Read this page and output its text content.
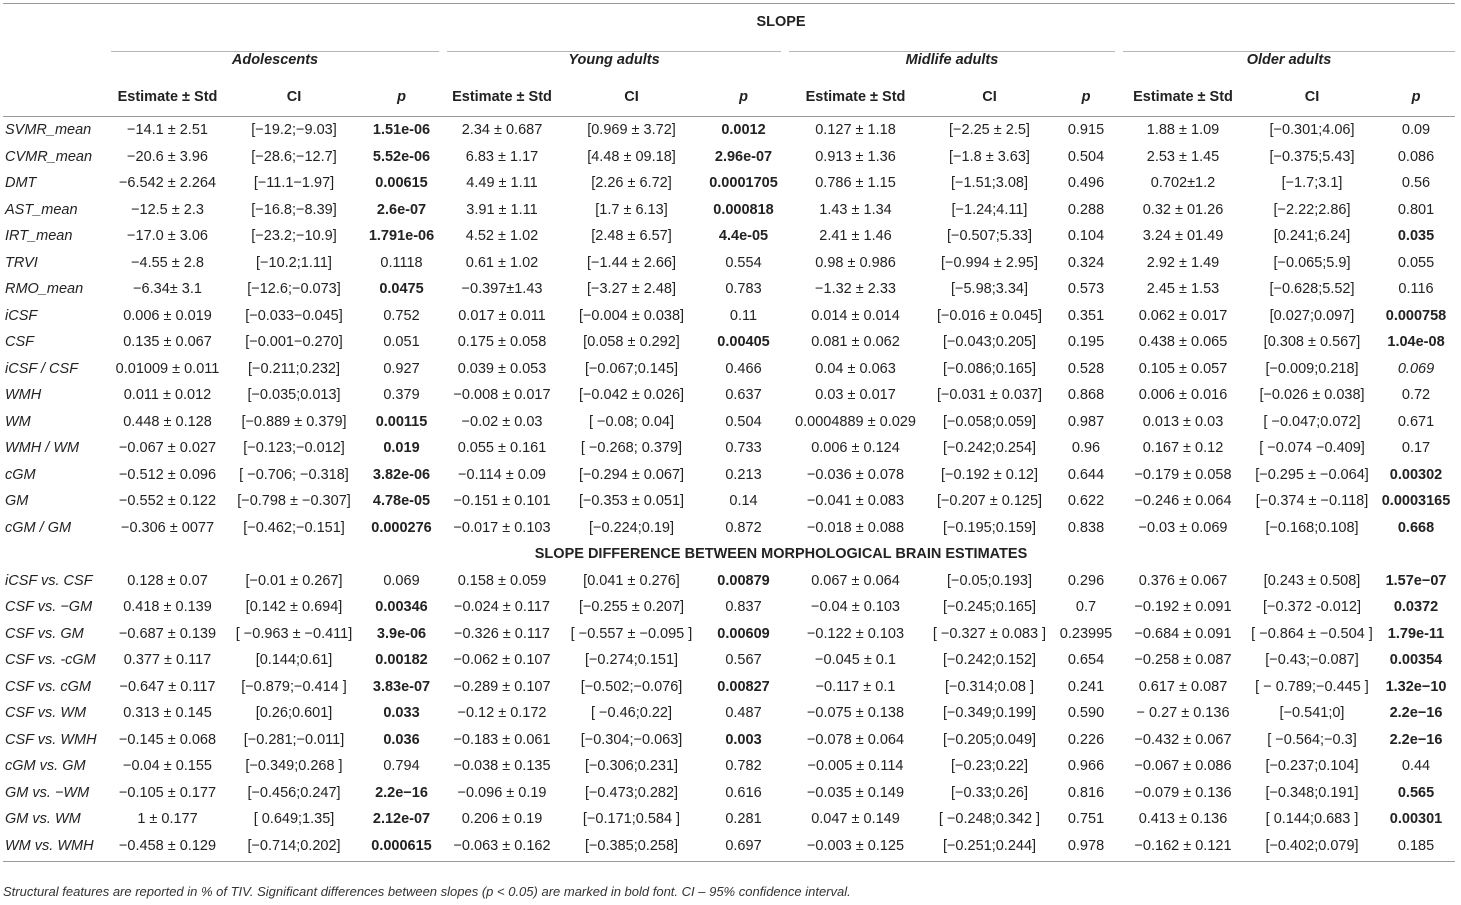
	SLOPE											

Adolescents			Young adults			Midlife adults			Older adults		
	Estimate ± Std	CI	p	Estimate ± Std	CI	p	Estimate ± Std	CI	p	Estimate ± Std	CI	p
SVMR_mean	−14.1 ± 2.51	[−19.2;−9.03]	1.51e-06	2.34 ± 0.687	[0.969 ± 3.72]	0.0012	0.127 ± 1.18	[−2.25 ± 2.5]	0.915	1.88 ± 1.09	[−0.301;4.06]	0.09
CVMR_mean	−20.6 ± 3.96	[−28.6;−12.7]	5.52e-06	6.83 ± 1.17	[4.48 ± 09.18]	2.96e-07	0.913 ± 1.36	[−1.8 ± 3.63]	0.504	2.53 ± 1.45	[−0.375;5.43]	0.086
DMT	−6.542 ± 2.264	[−11.1−1.97]	0.00615	4.49 ± 1.11	[2.26 ± 6.72]	0.0001705	0.786 ± 1.15	[−1.51;3.08]	0.496	0.702±1.2	[−1.7;3.1]	0.56
AST_mean	−12.5 ± 2.3	[−16.8;−8.39]	2.6e-07	3.91 ± 1.11	[1.7 ± 6.13]	0.000818	1.43 ± 1.34	[−1.24;4.11]	0.288	0.32 ± 01.26	[−2.22;2.86]	0.801
IRT_mean	−17.0 ± 3.06	[−23.2;−10.9]	1.791e-06	4.52 ± 1.02	[2.48 ± 6.57]	4.4e-05	2.41 ± 1.46	[−0.507;5.33]	0.104	3.24 ± 01.49	[0.241;6.24]	0.035
TRVI	−4.55 ± 2.8	[−10.2;1.11]	0.1118	0.61 ± 1.02	[−1.44 ± 2.66]	0.554	0.98 ± 0.986	[−0.994 ± 2.95]	0.324	2.92 ± 1.49	[−0.065;5.9]	0.055
RMO_mean	−6.34± 3.1	[−12.6;−0.073]	0.0475	−0.397±1.43	[−3.27 ± 2.48]	0.783	−1.32 ± 2.33	[−5.98;3.34]	0.573	2.45 ± 1.53	[−0.628;5.52]	0.116
iCSF	0.006 ± 0.019	[−0.033−0.045]	0.752	0.017 ± 0.011	[−0.004 ± 0.038]	0.11	0.014 ± 0.014	[−0.016 ± 0.045]	0.351	0.062 ± 0.017	[0.027;0.097]	0.000758
CSF	0.135 ± 0.067	[−0.001−0.270]	0.051	0.175 ± 0.058	[0.058 ± 0.292]	0.00405	0.081 ± 0.062	[−0.043;0.205]	0.195	0.438 ± 0.065	[0.308 ± 0.567]	1.04e-08
iCSF / CSF	0.01009 ± 0.011	[−0.211;0.232]	0.927	0.039 ± 0.053	[−0.067;0.145]	0.466	0.04 ± 0.063	[−0.086;0.165]	0.528	0.105 ± 0.057	[−0.009;0.218]	0.069
WMH	0.011 ± 0.012	[−0.035;0.013]	0.379	−0.008 ± 0.017	[−0.042 ± 0.026]	0.637	0.03 ± 0.017	[−0.031 ± 0.037]	0.868	0.006 ± 0.016	[−0.026 ± 0.038]	0.72
WM	0.448 ± 0.128	[−0.889 ± 0.379]	0.00115	−0.02 ± 0.03	[ −0.08; 0.04]	0.504	0.0004889 ± 0.029	[−0.058;0.059]	0.987	0.013 ± 0.03	[ −0.047;0.072]	0.671
WMH / WM	−0.067 ± 0.027	[−0.123;−0.012]	0.019	0.055 ± 0.161	[ −0.268; 0.379]	0.733	0.006 ± 0.124	[−0.242;0.254]	0.96	0.167 ± 0.12	[ −0.074 −0.409]	0.17
cGM	−0.512 ± 0.096	[ −0.706; −0.318]	3.82e-06	−0.114 ± 0.09	[−0.294 ± 0.067]	0.213	−0.036 ± 0.078	[−0.192 ± 0.12]	0.644	−0.179 ± 0.058	[−0.295 ± −0.064]	0.00302
GM	−0.552 ± 0.122	[−0.798 ± −0.307]	4.78e-05	−0.151 ± 0.101	[−0.353 ± 0.051]	0.14	−0.041 ± 0.083	[−0.207 ± 0.125]	0.622	−0.246 ± 0.064	[−0.374 ± −0.118]	0.0003165
cGM / GM	−0.306 ± 0077	[−0.462;−0.151]	0.000276	−0.017 ± 0.103	[−0.224;0.19]	0.872	−0.018 ± 0.088	[−0.195;0.159]	0.838	−0.03 ± 0.069	[−0.168;0.108]	0.668
	SLOPE DIFFERENCE BETWEEN MORPHOLOGICAL BRAIN ESTIMATES											
iCSF vs. CSF	0.128 ± 0.07	[−0.01 ± 0.267]	0.069	0.158 ± 0.059	[0.041 ± 0.276]	0.00879	0.067 ± 0.064	[−0.05;0.193]	0.296	0.376 ± 0.067	[0.243 ± 0.508]	1.57e−07
CSF vs. −GM	0.418 ± 0.139	[0.142 ± 0.694]	0.00346	−0.024 ± 0.117	[−0.255 ± 0.207]	0.837	−0.04 ± 0.103	[−0.245;0.165]	0.7	−0.192 ± 0.091	[−0.372 -0.012]	0.0372
CSF vs. GM	−0.687 ± 0.139	[ −0.963 ± −0.411]	3.9e-06	−0.326 ± 0.117	[ −0.557 ± −0.095 ]	0.00609	−0.122 ± 0.103	[ −0.327 ± 0.083 ]	0.23995	−0.684 ± 0.091	[ −0.864 ± −0.504 ]	1.79e-11
CSF vs. -cGM	0.377 ± 0.117	[0.144;0.61]	0.00182	−0.062 ± 0.107	[−0.274;0.151]	0.567	−0.045 ± 0.1	[−0.242;0.152]	0.654	−0.258 ± 0.087	[−0.43;−0.087]	0.00354
CSF vs. cGM	−0.647 ± 0.117	[−0.879;−0.414 ]	3.83e-07	−0.289 ± 0.107	[−0.502;−0.076]	0.00827	−0.117 ± 0.1	[−0.314;0.08 ]	0.241	0.617 ± 0.087	[ − 0.789;−0.445 ]	1.32e−10
CSF vs. WM	0.313 ± 0.145	[0.26;0.601]	0.033	−0.12 ± 0.172	[ −0.46;0.22]	0.487	−0.075 ± 0.138	[−0.349;0.199]	0.590	− 0.27 ± 0.136	[−0.541;0]	2.2e−16
CSF vs. WMH	−0.145 ± 0.068	[−0.281;−0.011]	0.036	−0.183 ± 0.061	[−0.304;−0.063]	0.003	−0.078 ± 0.064	[−0.205;0.049]	0.226	−0.432 ± 0.067	[ −0.564;−0.3]	2.2e−16
cGM vs. GM	−0.04 ± 0.155	[−0.349;0.268 ]	0.794	−0.038 ± 0.135	[−0.306;0.231]	0.782	−0.005 ± 0.114	[−0.23;0.22]	0.966	−0.067 ± 0.086	[−0.237;0.104]	0.44
GM vs. −WM	−0.105 ± 0.177	[−0.456;0.247]	2.2e−16	−0.096 ± 0.19	[−0.473;0.282]	0.616	−0.035 ± 0.149	[−0.33;0.26]	0.816	−0.079 ± 0.136	[−0.348;0.191]	0.565
GM vs. WM	1 ± 0.177	[ 0.649;1.35]	2.12e-07	0.206 ± 0.19	[−0.171;0.584 ]	0.281	0.047 ± 0.149	[ −0.248;0.342 ]	0.751	0.413 ± 0.136	[ 0.144;0.683 ]	0.00301
WM vs. WMH	−0.458 ± 0.129	[−0.714;0.202]	0.000615	−0.063 ± 0.162	[−0.385;0.258]	0.697	−0.003 ± 0.125	[−0.251;0.244]	0.978	−0.162 ± 0.121	[−0.402;0.079]	0.185

Structural features are reported in % of TIV. Significant differences between slopes (p < 0.05) are marked in bold font. CI – 95% confidence interval.
